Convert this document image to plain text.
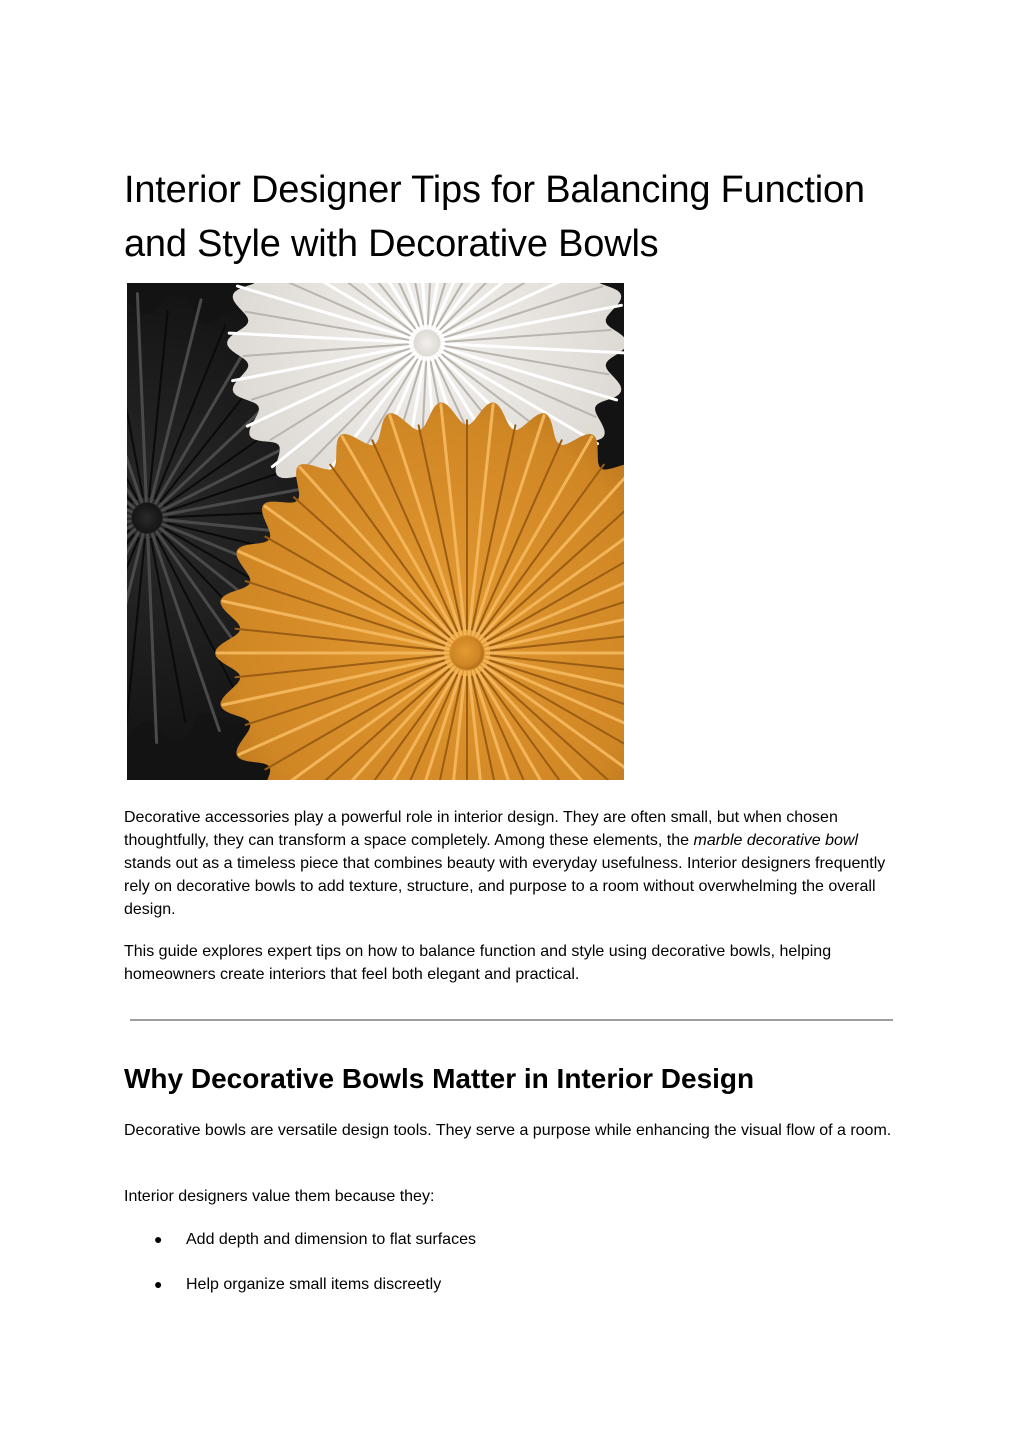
Interior Designer Tips for Balancing Function and Style with Decorative Bowls

Decorative accessories play a powerful role in interior design. They are often small, but when chosen thoughtfully, they can transform a space completely. Among these elements, the marble decorative bowl stands out as a timeless piece that combines beauty with everyday usefulness. Interior designers frequently rely on decorative bowls to add texture, structure, and purpose to a room without overwhelming the overall design.

This guide explores expert tips on how to balance function and style using decorative bowls, helping homeowners create interiors that feel both elegant and practical.

Why Decorative Bowls Matter in Interior Design

Decorative bowls are versatile design tools. They serve a purpose while enhancing the visual flow of a room.

Interior designers value them because they:

● Add depth and dimension to flat surfaces
● Help organize small items discreetly
